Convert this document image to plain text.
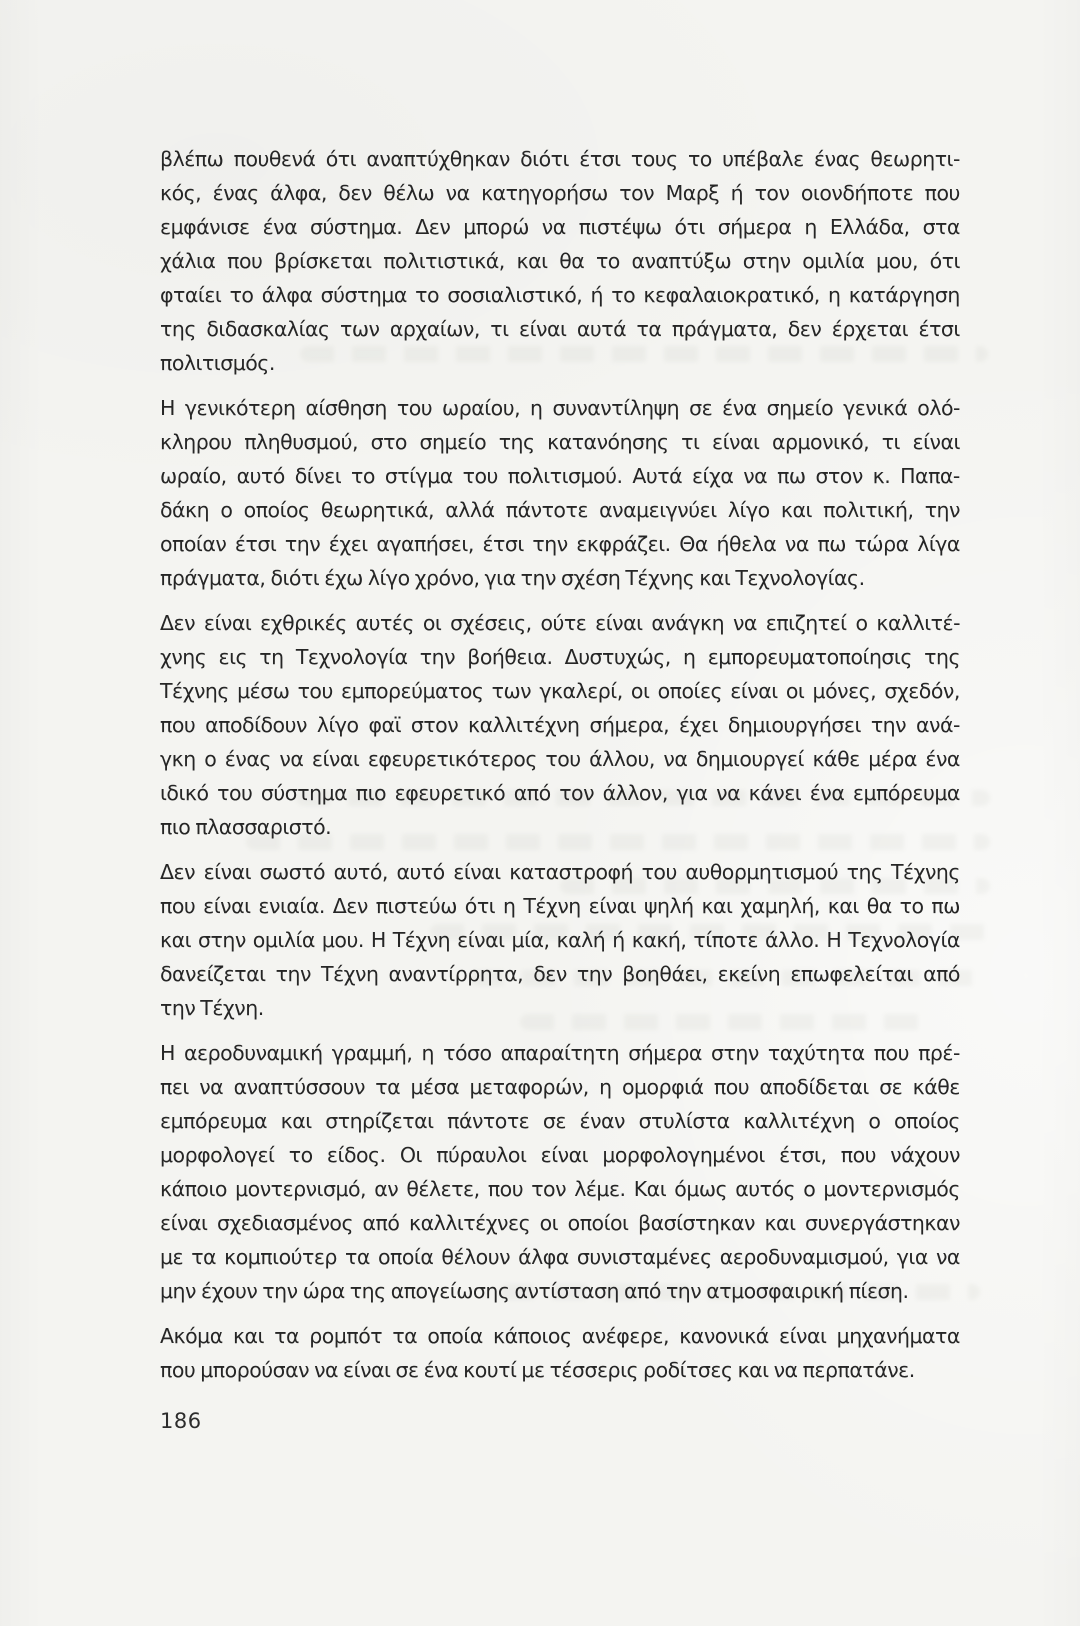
βλέπω πουθενά ότι αναπτύχθηκαν διότι έτσι τους το υπέβαλε ένας θεωρητι-
κός, ένας άλφα, δεν θέλω να κατηγορήσω τον Μαρξ ή τον οιονδήποτε που
εμφάνισε ένα σύστημα. Δεν μπορώ να πιστέψω ότι σήμερα η Ελλάδα, στα
χάλια που βρίσκεται πολιτιστικά, και θα το αναπτύξω στην ομιλία μου, ότι
φταίει το άλφα σύστημα το σοσιαλιστικό, ή το κεφαλαιοκρατικό, η κατάργηση
της διδασκαλίας των αρχαίων, τι είναι αυτά τα πράγματα, δεν έρχεται έτσι
πολιτισμός.
Η γενικότερη αίσθηση του ωραίου, η συναντίληψη σε ένα σημείο γενικά ολό-
κληρου πληθυσμού, στο σημείο της κατανόησης τι είναι αρμονικό, τι είναι
ωραίο, αυτό δίνει το στίγμα του πολιτισμού. Αυτά είχα να πω στον κ. Παπα-
δάκη ο οποίος θεωρητικά, αλλά πάντοτε αναμειγνύει λίγο και πολιτική, την
οποίαν έτσι την έχει αγαπήσει, έτσι την εκφράζει. Θα ήθελα να πω τώρα λίγα
πράγματα, διότι έχω λίγο χρόνο, για την σχέση Τέχνης και Τεχνολογίας.
Δεν είναι εχθρικές αυτές οι σχέσεις, ούτε είναι ανάγκη να επιζητεί ο καλλιτέ-
χνης εις τη Τεχνολογία την βοήθεια. Δυστυχώς, η εμπορευματοποίησις της
Τέχνης μέσω του εμπορεύματος των γκαλερί, οι οποίες είναι οι μόνες, σχεδόν,
που αποδίδουν λίγο φαϊ στον καλλιτέχνη σήμερα, έχει δημιουργήσει την ανά-
γκη ο ένας να είναι εφευρετικότερος του άλλου, να δημιουργεί κάθε μέρα ένα
ιδικό του σύστημα πιο εφευρετικό από τον άλλον, για να κάνει ένα εμπόρευμα
πιο πλασσαριστό.
Δεν είναι σωστό αυτό, αυτό είναι καταστροφή του αυθορμητισμού της Τέχνης
που είναι ενιαία. Δεν πιστεύω ότι η Τέχνη είναι ψηλή και χαμηλή, και θα το πω
και στην ομιλία μου. Η Τέχνη είναι μία, καλή ή κακή, τίποτε άλλο. Η Τεχνολογία
δανείζεται την Τέχνη αναντίρρητα, δεν την βοηθάει, εκείνη επωφελείται από
την Τέχνη.
Η αεροδυναμική γραμμή, η τόσο απαραίτητη σήμερα στην ταχύτητα που πρέ-
πει να αναπτύσσουν τα μέσα μεταφορών, η ομορφιά που αποδίδεται σε κάθε
εμπόρευμα και στηρίζεται πάντοτε σε έναν στυλίστα καλλιτέχνη ο οποίος
μορφολογεί το είδος. Οι πύραυλοι είναι μορφολογημένοι έτσι, που νάχουν
κάποιο μοντερνισμό, αν θέλετε, που τον λέμε. Και όμως αυτός ο μοντερνισμός
είναι σχεδιασμένος από καλλιτέχνες οι οποίοι βασίστηκαν και συνεργάστηκαν
με τα κομπιούτερ τα οποία θέλουν άλφα συνισταμένες αεροδυναμισμού, για να
μην έχουν την ώρα της απογείωσης αντίσταση από την ατμοσφαιρική πίεση.
Ακόμα και τα ρομπότ τα οποία κάποιος ανέφερε, κανονικά είναι μηχανήματα
που μπορούσαν να είναι σε ένα κουτί με τέσσερις ροδίτσες και να περπατάνε.
186
